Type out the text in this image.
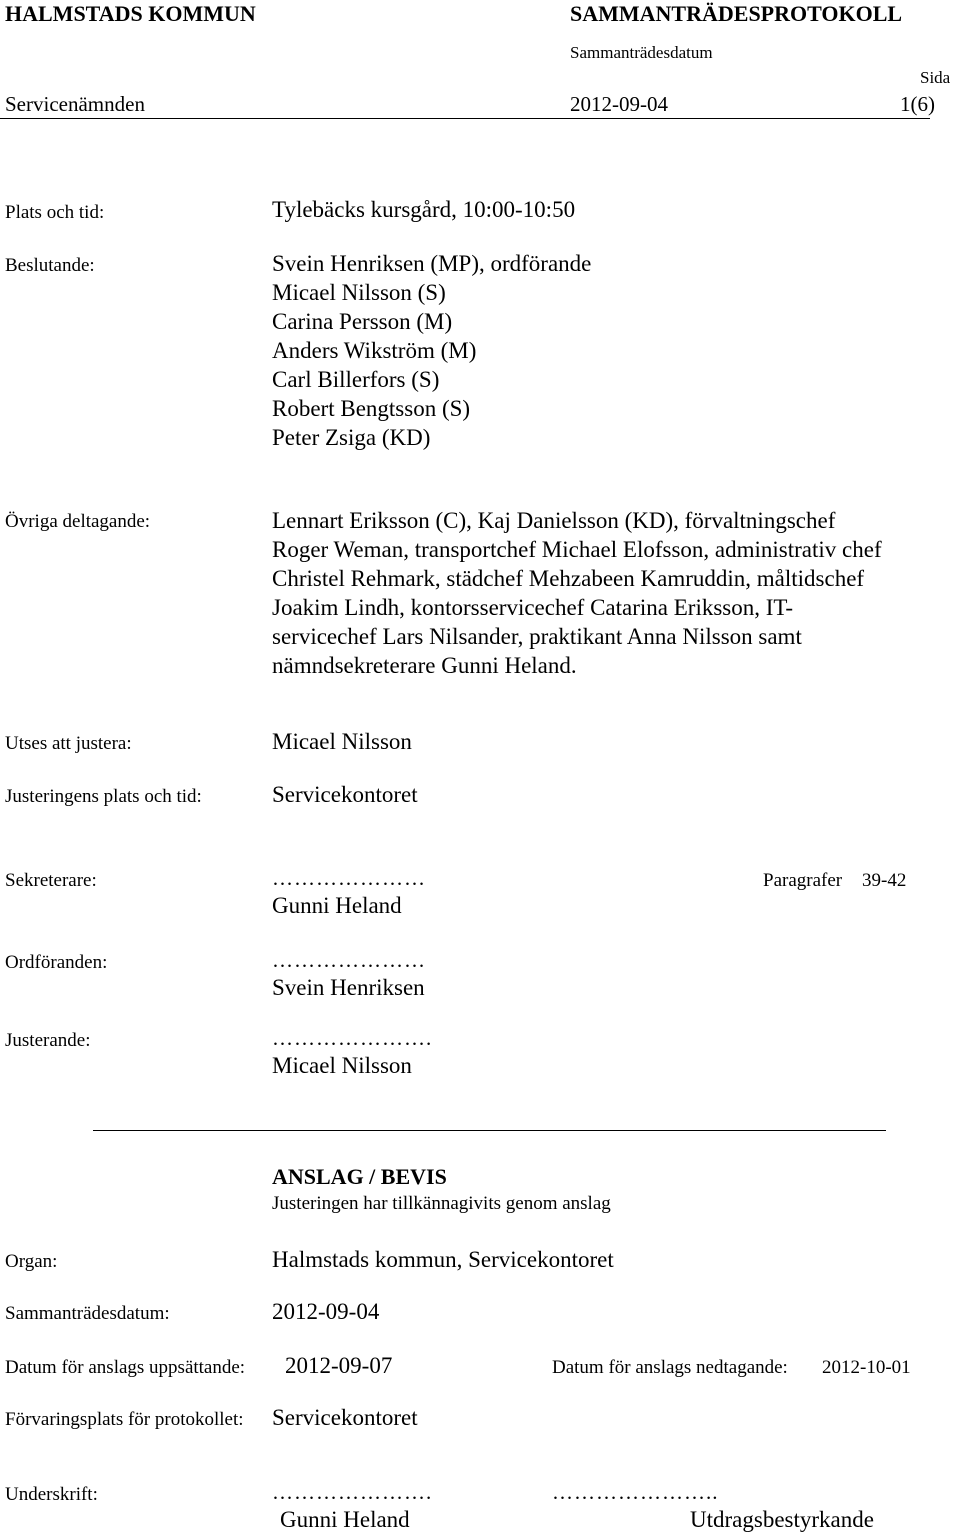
HALMSTADS KOMMUN	SAMMANTRÄDESPROTOKOLL
Sammanträdesdatum
Sida
Servicenämnden	2012-09-04	1(6)
Plats och tid:	Tylebäcks kursgård, 10:00-10:50
Beslutande:	Svein Henriksen (MP), ordförande
Micael Nilsson (S)
Carina Persson (M)
Anders Wikström (M)
Carl Billerfors (S)
Robert Bengtsson (S)
Peter Zsiga (KD)
Övriga deltagande:	Lennart Eriksson (C), Kaj Danielsson (KD), förvaltningschef
Roger Weman, transportchef Michael Elofsson, administrativ chef
Christel Rehmark, städchef Mehzabeen Kamruddin, måltidschef
Joakim Lindh, kontorsservicechef Catarina Eriksson, IT-
servicechef Lars Nilsander, praktikant Anna Nilsson samt
nämndsekreterare Gunni Heland.
Utses att justera:	Micael Nilsson
Justeringens plats och tid:	Servicekontoret
Sekreterare:	…………………	Paragrafer 39-42
Gunni Heland
Ordföranden:	…………………
Svein Henriksen
Justerande:	………………….
Micael Nilsson
ANSLAG / BEVIS
Justeringen har tillkännagivits genom anslag
Organ:	Halmstads kommun, Servicekontoret
Sammanträdesdatum:	2012-09-04
Datum för anslags uppsättande: 2012-09-07	Datum för anslags nedtagande: 2012-10-01
Förvaringsplats för protokollet: Servicekontoret
Underskrift:	………………….	…………………..
Gunni Heland	Utdragsbestyrkande
